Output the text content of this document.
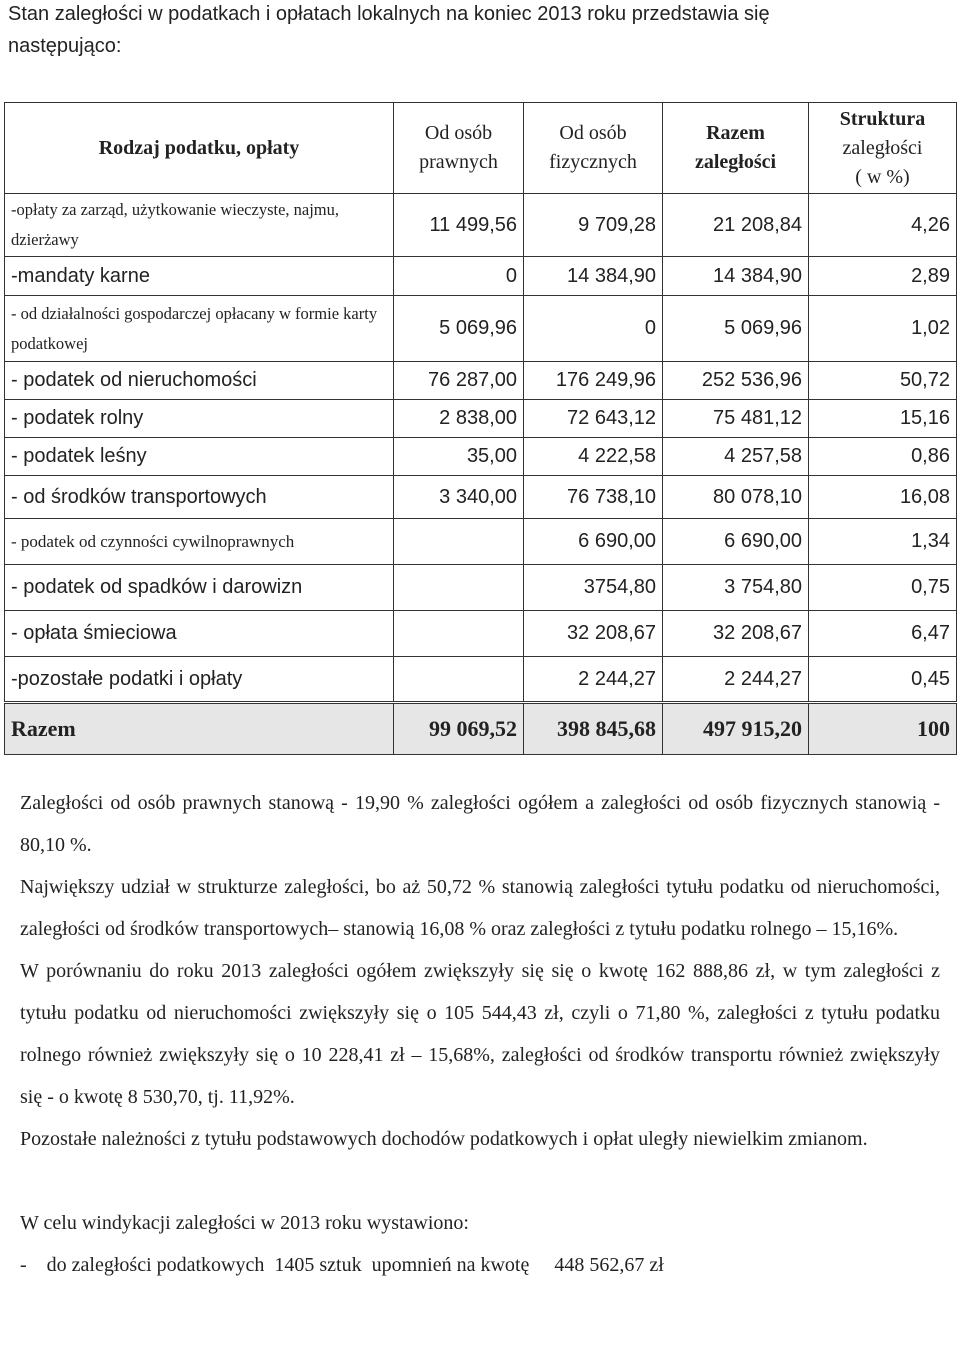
Stan zaległości w podatkach i opłatach lokalnych na koniec 2013 roku przedstawia się

następująco:

Rodzaj podatku, opłaty	Od osób prawnych	Od osób fizycznych	Razem zaległości	Struktura
zaległości
( w %)

-opłaty za zarząd, użytkowanie wieczyste, najmu, dzierżawy	11 499,56	9 709,28	21 208,84	4,26
-mandaty karne	0	14 384,90	14 384,90	2,89
- od działalności gospodarczej opłacany w formie karty podatkowej	5 069,96	0	5 069,96	1,02
- podatek od nieruchomości	76 287,00	176 249,96	252 536,96	50,72
- podatek rolny	2 838,00	72 643,12	75 481,12	15,16
- podatek leśny	35,00	4 222,58	4 257,58	0,86
- od środków transportowych	3 340,00	76 738,10	80 078,10	16,08
- podatek od czynności cywilnoprawnych		6 690,00	6 690,00	1,34
- podatek od spadków i darowizn		3754,80	3 754,80	0,75
- opłata śmieciowa		32 208,67	32 208,67	6,47
-pozostałe podatki i opłaty		2 244,27	2 244,27	0,45
Razem	99 069,52	398 845,68	497 915,20	100

Zaległości od osób prawnych stanową - 19,90 % zaległości ogółem a zaległości od osób fizycznych stanowią - 80,10 %.

Największy udział w strukturze zaległości, bo aż 50,72 % stanowią zaległości tytułu podatku od nieruchomości, zaległości od środków transportowych– stanowią 16,08 % oraz zaległości z tytułu podatku rolnego – 15,16%.

W porównaniu do roku 2013 zaległości ogółem zwiększyły się się o kwotę 162 888,86 zł, w tym zaległości z tytułu podatku od nieruchomości zwiększyły się o 105 544,43 zł, czyli o 71,80 %, zaległości z tytułu podatku rolnego również zwiększyły się o 10 228,41 zł – 15,68%, zaległości od środków transportu również zwiększyły się - o kwotę 8 530,70, tj. 11,92%.

Pozostałe należności z tytułu podstawowych dochodów podatkowych i opłat uległy niewielkim zmianom.

W celu windykacji zaległości w 2013 roku wystawiono:

-    do zaległości podatkowych  1405 sztuk  upomnień na kwotę     448 562,67 zł
